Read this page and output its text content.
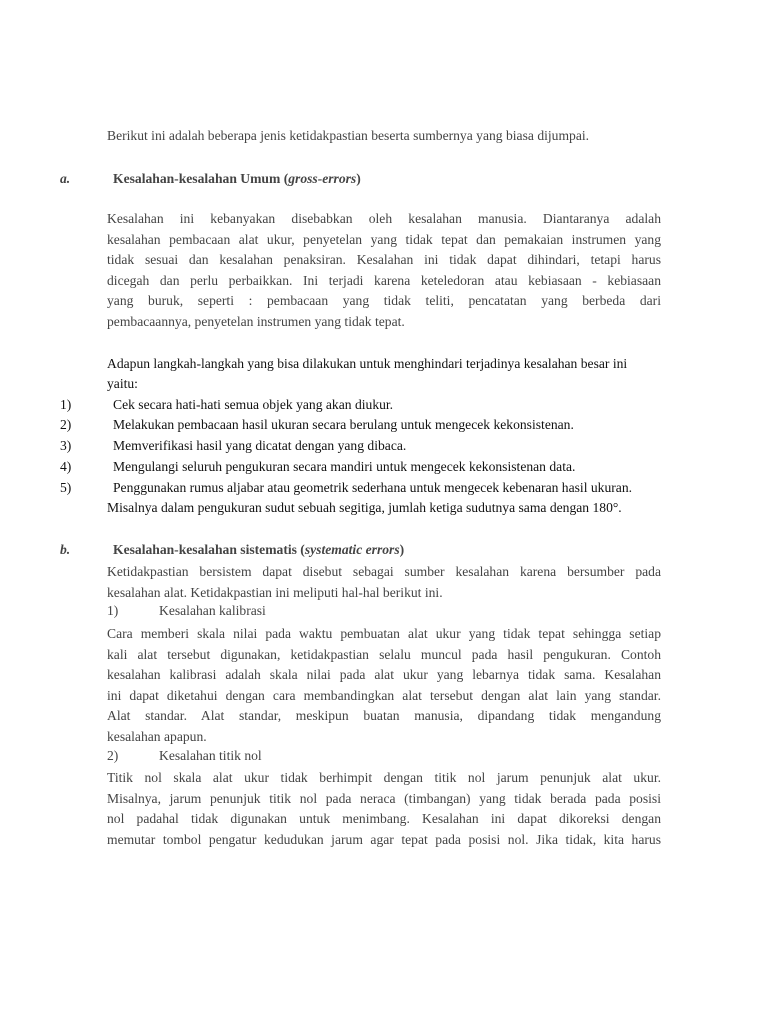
Berikut ini adalah beberapa jenis ketidakpastian beserta sumbernya yang biasa dijumpai.
a.	Kesalahan-kesalahan Umum (gross-errors)
Kesalahan ini kebanyakan disebabkan oleh kesalahan manusia. Diantaranya adalah
kesalahan pembacaan alat ukur, penyetelan yang tidak tepat dan pemakaian instrumen yang
tidak sesuai dan kesalahan penaksiran. Kesalahan ini tidak dapat dihindari, tetapi harus
dicegah dan perlu perbaikkan. Ini terjadi karena keteledoran atau kebiasaan - kebiasaan
yang buruk, seperti : pembacaan yang tidak teliti, pencatatan yang berbeda dari
pembacaannya, penyetelan instrumen yang tidak tepat.
Adapun langkah-langkah yang bisa dilakukan untuk menghindari terjadinya kesalahan besar ini
yaitu:
1)	Cek secara hati-hati semua objek yang akan diukur.
2)	Melakukan pembacaan hasil ukuran secara berulang untuk mengecek kekonsistenan.
3)	Memverifikasi hasil yang dicatat dengan yang dibaca.
4)	Mengulangi seluruh pengukuran secara mandiri untuk mengecek kekonsistenan data.
5)	Penggunakan rumus aljabar atau geometrik sederhana untuk mengecek kebenaran hasil ukuran.
Misalnya dalam pengukuran sudut sebuah segitiga, jumlah ketiga sudutnya sama dengan 180°.
b.	Kesalahan-kesalahan sistematis (systematic errors)
Ketidakpastian bersistem dapat disebut sebagai sumber kesalahan karena bersumber pada
kesalahan alat. Ketidakpastian ini meliputi hal-hal berikut ini.
1)	Kesalahan kalibrasi
Cara memberi skala nilai pada waktu pembuatan alat ukur yang tidak tepat sehingga setiap
kali alat tersebut digunakan, ketidakpastian selalu muncul pada hasil pengukuran. Contoh
kesalahan kalibrasi adalah skala nilai pada alat ukur yang lebarnya tidak sama. Kesalahan
ini dapat diketahui dengan cara membandingkan alat tersebut dengan alat lain yang standar.
Alat standar. Alat standar, meskipun buatan manusia, dipandang tidak mengandung
kesalahan apapun.
2)	Kesalahan titik nol
Titik nol skala alat ukur tidak berhimpit dengan titik nol jarum penunjuk alat ukur.
Misalnya, jarum penunjuk titik nol pada neraca (timbangan) yang tidak berada pada posisi
nol padahal tidak digunakan untuk menimbang. Kesalahan ini dapat dikoreksi dengan
memutar tombol pengatur kedudukan jarum agar tepat pada posisi nol. Jika tidak, kita harus
